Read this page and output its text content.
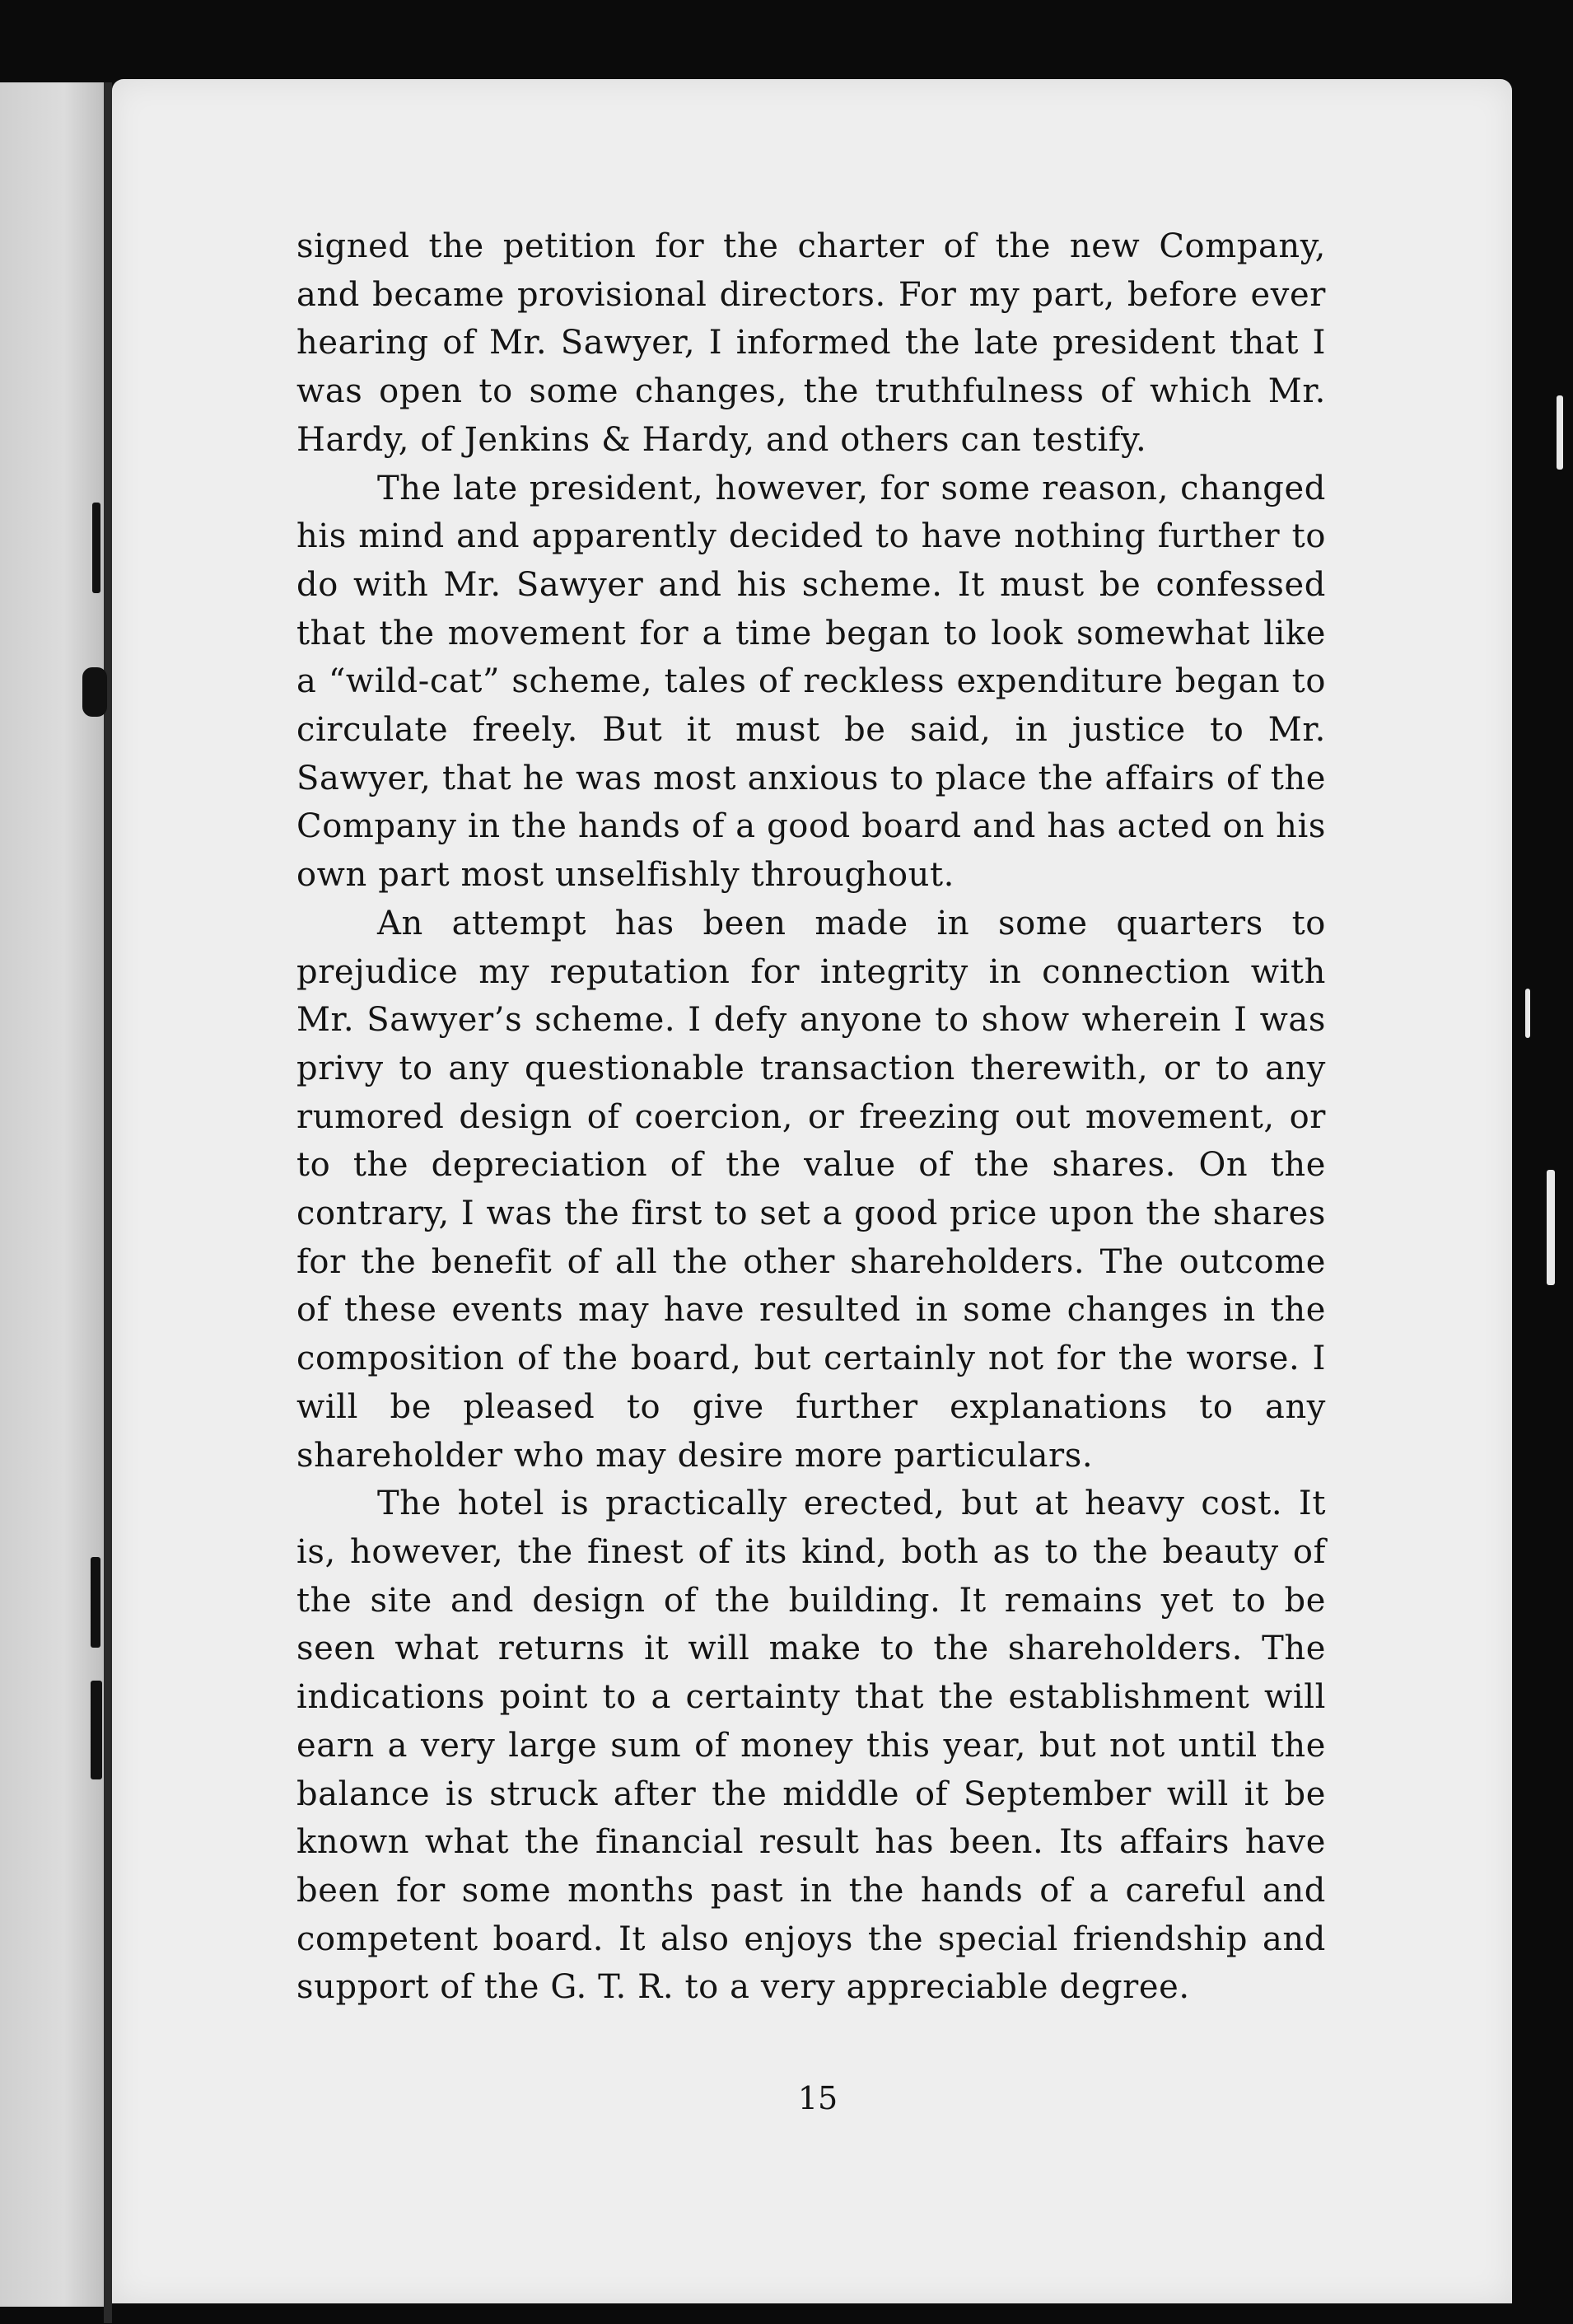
signed the petition for the charter of the new Company, and became provisional directors. For my part, before ever hearing of Mr. Sawyer, I informed the late president that I was open to some changes, the truthfulness of which Mr. Hardy, of Jenkins & Hardy, and others can testify.

The late president, however, for some reason, changed his mind and apparently decided to have nothing further to do with Mr. Sawyer and his scheme. It must be confessed that the movement for a time began to look somewhat like a “wild-cat” scheme, tales of reckless expenditure began to circulate freely. But it must be said, in justice to Mr. Sawyer, that he was most anxious to place the affairs of the Company in the hands of a good board and has acted on his own part most unselfishly throughout.

An attempt has been made in some quarters to prejudice my reputation for integrity in connection with Mr. Sawyer’s scheme. I defy anyone to show wherein I was privy to any questionable transaction therewith, or to any rumored design of coercion, or freezing out movement, or to the depreciation of the value of the shares. On the contrary, I was the first to set a good price upon the shares for the benefit of all the other shareholders. The outcome of these events may have resulted in some changes in the composition of the board, but certainly not for the worse. I will be pleased to give further explanations to any shareholder who may desire more particulars.

The hotel is practically erected, but at heavy cost. It is, however, the finest of its kind, both as to the beauty of the site and design of the building. It remains yet to be seen what returns it will make to the shareholders. The indications point to a certainty that the establishment will earn a very large sum of money this year, but not until the balance is struck after the middle of September will it be known what the financial result has been. Its affairs have been for some months past in the hands of a careful and competent board. It also enjoys the special friendship and support of the G. T. R. to a very appreciable degree.

15
